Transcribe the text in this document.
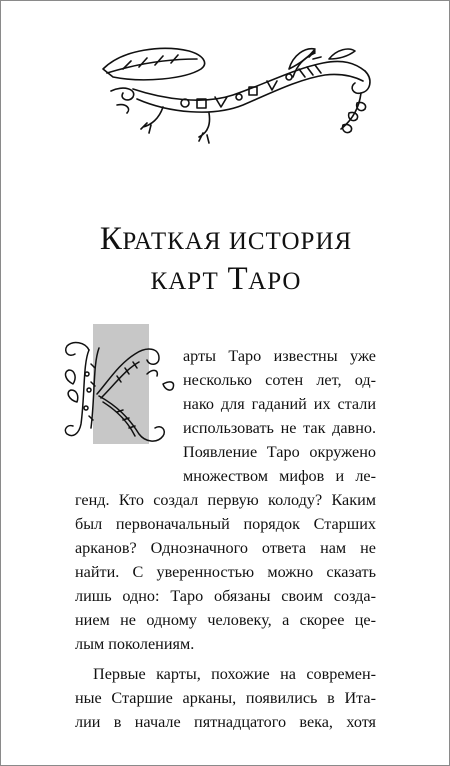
КРАТКАЯ ИСТОРИЯ
КАРТ ТАРО
арты Таро известны уже
несколько сотен лет, од-
нако для гаданий их стали
использовать не так давно.
Появление Таро окружено
множеством мифов и ле-
генд. Кто создал первую колоду? Каким
был первоначальный порядок Старших
арканов? Однозначного ответа нам не
найти. С уверенностью можно сказать
лишь одно: Таро обязаны своим созда-
нием не одному человеку, а скорее це-
лым поколениям.
Первые карты, похожие на современ-
ные Старшие арканы, появились в Ита-
лии в начале пятнадцатого века, хотя
